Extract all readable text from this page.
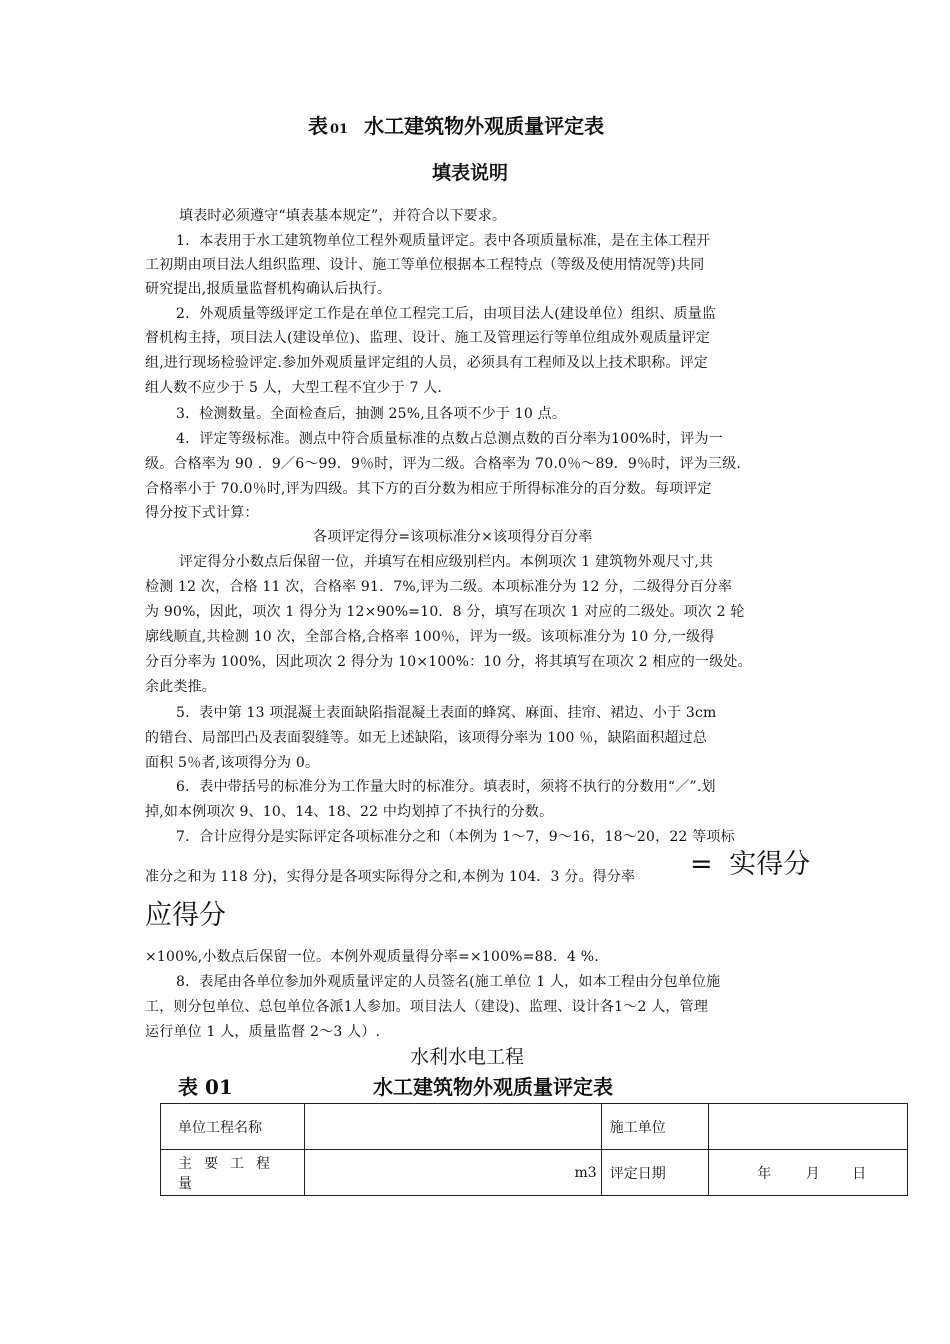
表 01 水工建筑物外观质量评定表
填表说明
填表时必须遵守“填表基本规定”，并符合以下要求。
1．本表用于水工建筑物单位工程外观质量评定。表中各项质量标准，是在主体工程开
工初期由项目法人组织监理、设计、施工等单位根据本工程特点（等级及使用情况等)共同
研究提出,报质量监督机构确认后执行。
2．外观质量等级评定工作是在单位工程完工后，由项目法人(建设单位）组织、质量监
督机构主持，项目法人(建设单位)、监理、设计、施工及管理运行等单位组成外观质量评定
组,进行现场检验评定.参加外观质量评定组的人员，必须具有工程师及以上技术职称。评定
组人数不应少于 5 人，大型工程不宜少于 7 人.
3．检测数量。全面检查后，抽测 25%,且各项不少于 10 点。
4．评定等级标准。测点中符合质量标准的点数占总测点数的百分率为100%时，评为一
级。合格率为 90 ．9／6～99．9％时，评为二级。合格率为 70.0％～89．9％时，评为三级.
合格率小于 70.0％时,评为四级。其下方的百分数为相应于所得标准分的百分数。每项评定
得分按下式计算：
各项评定得分=该项标准分×该项得分百分率
评定得分小数点后保留一位，并填写在相应级别栏内。本例项次 1 建筑物外观尺寸,共
检测 12 次，合格 11 次，合格率 91．7%,评为二级。本项标准分为 12 分，二级得分百分率
为 90%，因此，项次 1 得分为 12×90%=10．8 分，填写在项次 1 对应的二级处。项次 2 轮
廓线顺直,共检测 10 次，全部合格,合格率 100％，评为一级。该项标准分为 10 分,一级得
分百分率为 100%，因此项次 2 得分为 10×100%：10 分，将其填写在项次 2 相应的一级处。
余此类推。
5．表中第 13 项混凝土表面缺陷指混凝土表面的蜂窝、麻面、挂帘、裙边、小于 3cm
的错台、局部凹凸及表面裂缝等。如无上述缺陷，该项得分率为 100 ％，缺陷面积超过总
面积 5％者,该项得分为 0。
6．表中带括号的标准分为工作量大时的标准分。填表时，须将不执行的分数用“／”.划
掉,如本例项次 9、10、14、18、22 中均划掉了不执行的分数。
7．合计应得分是实际评定各项标准分之和（本例为 1～7，9～16，18～20，22 等项标
准分之和为 118 分)，实得分是各项实际得分之和,本例为 104．3 分。得分率 = 实得分
应得分
×100%,小数点后保留一位。本例外观质量得分率=×100%=88．4 %.
8．表尾由各单位参加外观质量评定的人员签名(施工单位 1 人，如本工程由分包单位施
工，则分包单位、总包单位各派1人参加。项目法人（建设)、监理、设计各1～2 人，管理
运行单位 1 人，质量监督 2～3 人）.
水利水电工程
表 01	水工建筑物外观质量评定表
单位工程名称		施工单位	
主要工程量	m3	评定日期	年 月 日
